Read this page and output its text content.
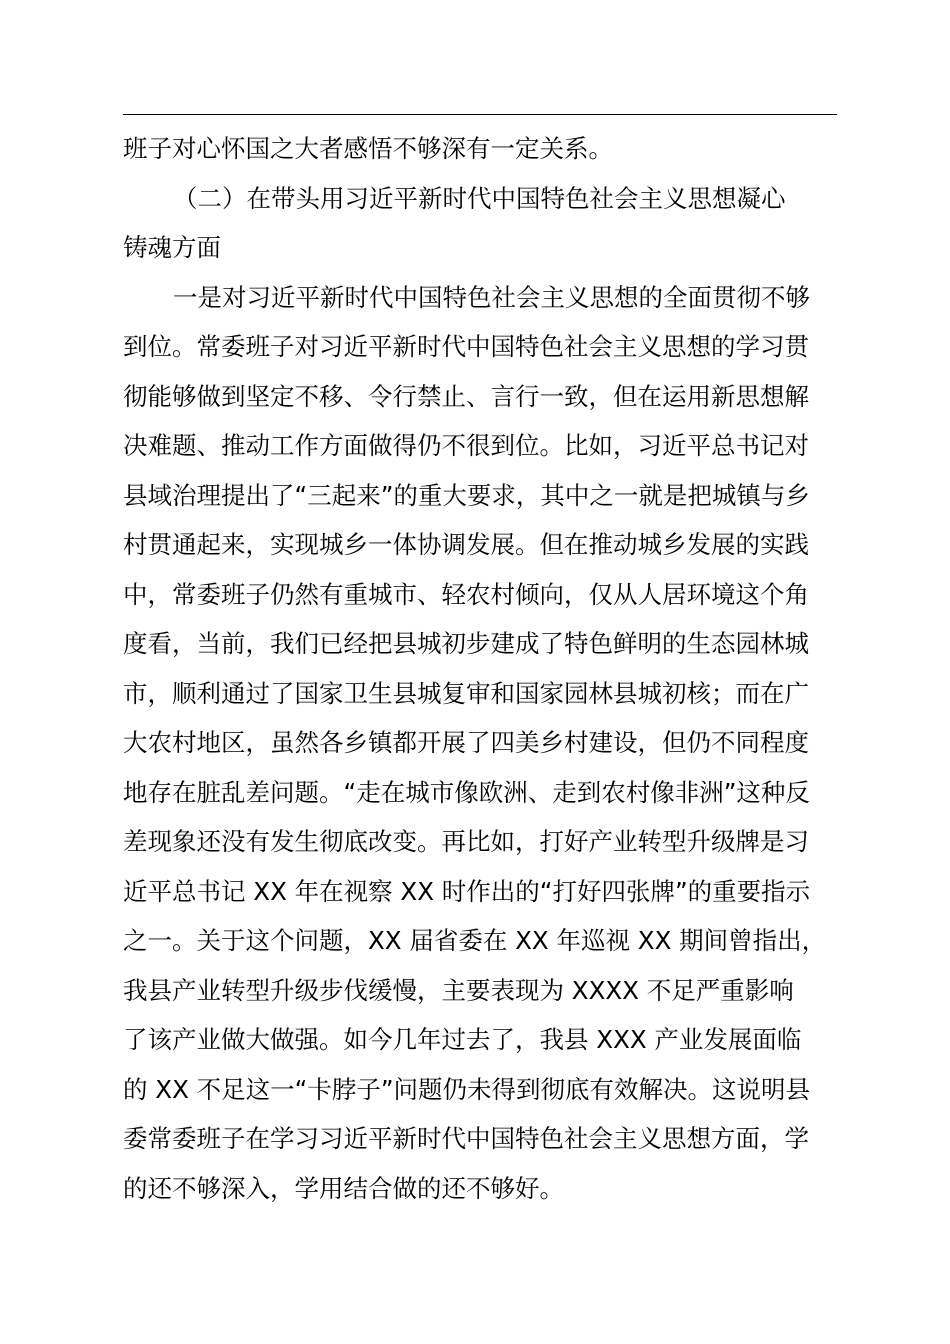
班子对心怀国之大者感悟不够深有一定关系。
（二）在带头用习近平新时代中国特色社会主义思想凝心
铸魂方面
一是对习近平新时代中国特色社会主义思想的全面贯彻不够
到位。常委班子对习近平新时代中国特色社会主义思想的学习贯
彻能够做到坚定不移、令行禁止、言行一致，但在运用新思想解
决难题、推动工作方面做得仍不很到位。比如，习近平总书记对
县域治理提出了“三起来”的重大要求，其中之一就是把城镇与乡
村贯通起来，实现城乡一体协调发展。但在推动城乡发展的实践
中，常委班子仍然有重城市、轻农村倾向，仅从人居环境这个角
度看，当前，我们已经把县城初步建成了特色鲜明的生态园林城
市，顺利通过了国家卫生县城复审和国家园林县城初核；而在广
大农村地区，虽然各乡镇都开展了四美乡村建设，但仍不同程度
地存在脏乱差问题。“走在城市像欧洲、走到农村像非洲”这种反
差现象还没有发生彻底改变。再比如，打好产业转型升级牌是习
近平总书记 XX 年在视察 XX 时作出的“打好四张牌”的重要指示
之一。关于这个问题，XX 届省委在 XX 年巡视 XX 期间曾指出，
我县产业转型升级步伐缓慢，主要表现为 XXXX 不足严重影响
了该产业做大做强。如今几年过去了，我县 XXX 产业发展面临
的 XX 不足这一“卡脖子”问题仍未得到彻底有效解决。这说明县
委常委班子在学习习近平新时代中国特色社会主义思想方面，学
的还不够深入，学用结合做的还不够好。
